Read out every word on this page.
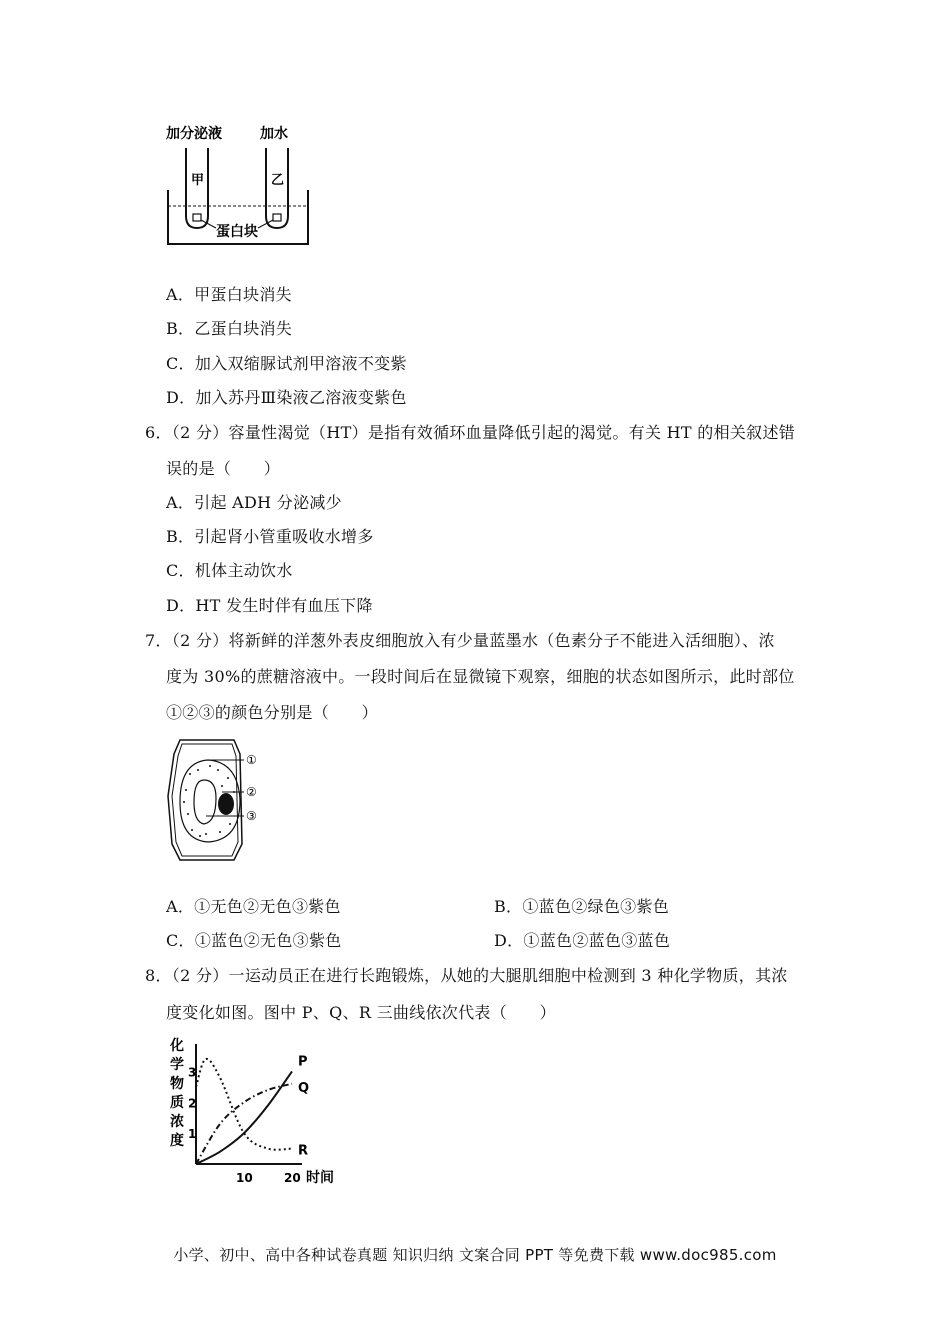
加分泌液	加水
甲	乙
蛋白块
A．甲蛋白块消失
B．乙蛋白块消失
C．加入双缩脲试剂甲溶液不变紫
D．加入苏丹Ⅲ染液乙溶液变紫色
6．（2 分）容量性渴觉（HT）是指有效循环血量降低引起的渴觉。有关 HT 的相关叙述错
误的是（　　）
A．引起 ADH 分泌减少
B．引起肾小管重吸收水增多
C．机体主动饮水
D．HT 发生时伴有血压下降
7．（2 分）将新鲜的洋葱外表皮细胞放入有少量蓝墨水（色素分子不能进入活细胞）、浓
度为 30%的蔗糖溶液中。一段时间后在显微镜下观察，细胞的状态如图所示，此时部位
①②③的颜色分别是（　　）
①
②
③
A．①无色②无色③紫色	B．①蓝色②绿色③紫色
C．①蓝色②无色③紫色	D．①蓝色②蓝色③蓝色
8．（2 分）一运动员正在进行长跑锻炼，从她的大腿肌细胞中检测到 3 种化学物质，其浓
度变化如图。图中 P、Q、R 三曲线依次代表（　　）
化学物质浓度 1
2
3
10	20
P
Q
R
时间
小学、初中、高中各种试卷真题 知识归纳 文案合同 PPT 等免费下载 www.doc985.com
